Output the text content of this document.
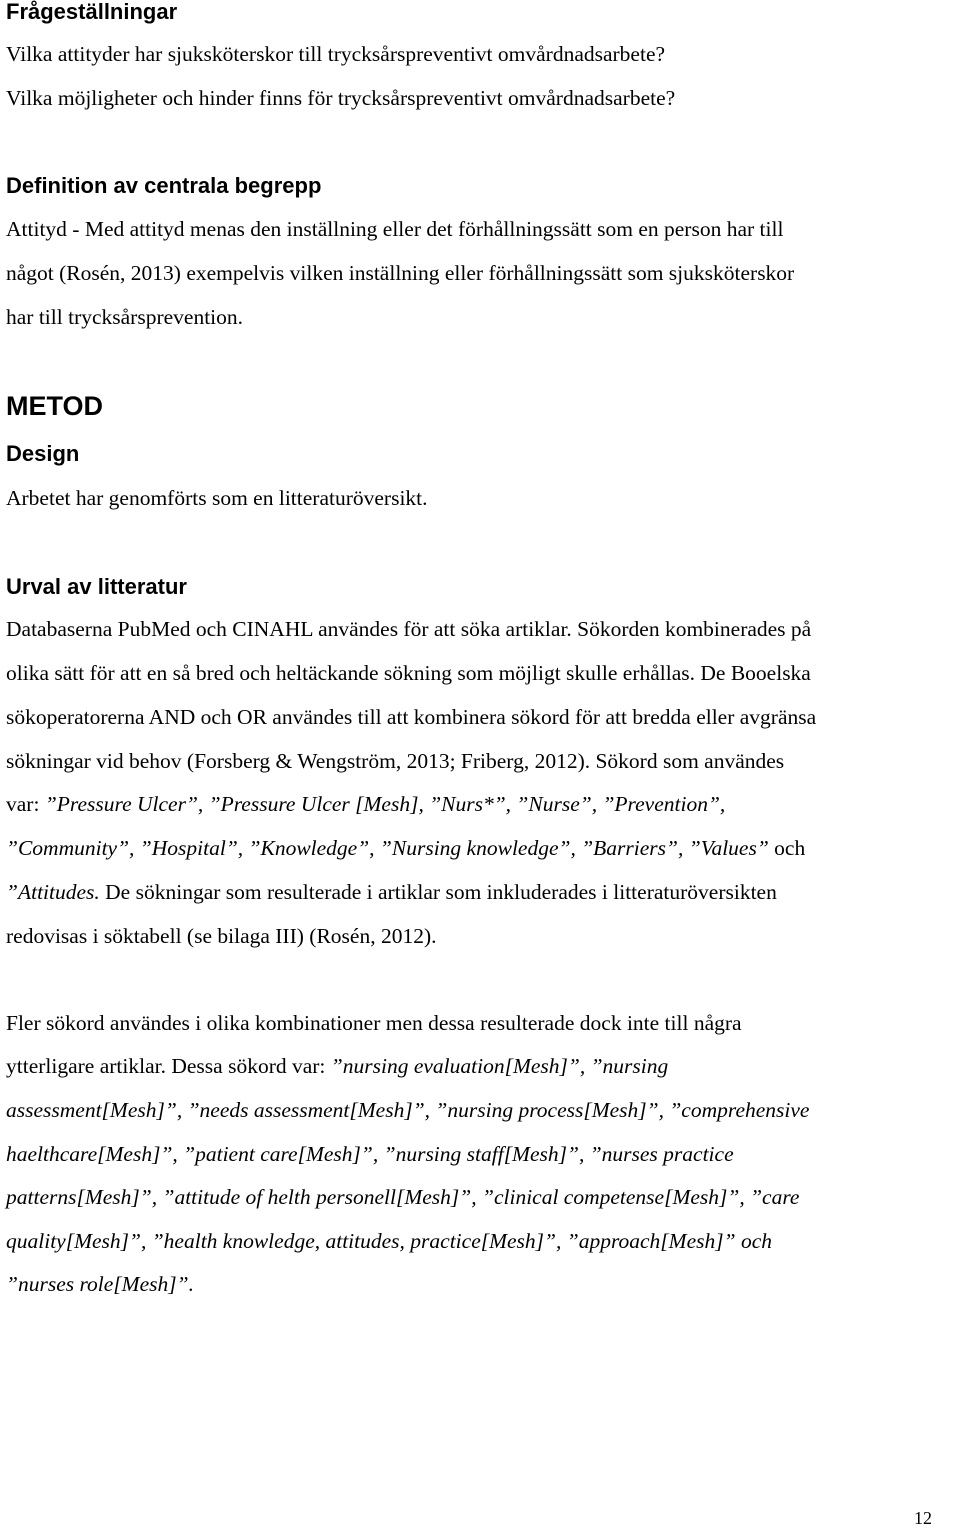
Frågeställningar
Vilka attityder har sjuksköterskor till trycksårspreventivt omvårdnadsarbete?
Vilka möjligheter och hinder finns för trycksårspreventivt omvårdnadsarbete?
Definition av centrala begrepp
Attityd - Med attityd menas den inställning eller det förhållningssätt som en person har till
något (Rosén, 2013) exempelvis vilken inställning eller förhållningssätt som sjuksköterskor
har till trycksårsprevention.
METOD
Design
Arbetet har genomförts som en litteraturöversikt.
Urval av litteratur
Databaserna PubMed och CINAHL användes för att söka artiklar. Sökorden kombinerades på
olika sätt för att en så bred och heltäckande sökning som möjligt skulle erhållas. De Booelska
sökoperatorerna AND och OR användes till att kombinera sökord för att bredda eller avgränsa
sökningar vid behov (Forsberg & Wengström, 2013; Friberg, 2012). Sökord som användes
var: ”Pressure Ulcer”, ”Pressure Ulcer [Mesh], ”Nurs*”, ”Nurse”, ”Prevention”,
”Community”, ”Hospital”, ”Knowledge”, ”Nursing knowledge”, ”Barriers”, ”Values” och
”Attitudes. De sökningar som resulterade i artiklar som inkluderades i litteraturöversikten
redovisas i söktabell (se bilaga III) (Rosén, 2012).
Fler sökord användes i olika kombinationer men dessa resulterade dock inte till några
ytterligare artiklar. Dessa sökord var: ”nursing evaluation[Mesh]”, ”nursing
assessment[Mesh]”, ”needs assessment[Mesh]”, ”nursing process[Mesh]”, ”comprehensive
haelthcare[Mesh]”, ”patient care[Mesh]”, ”nursing staff[Mesh]”, ”nurses practice
patterns[Mesh]”, ”attitude of helth personell[Mesh]”, ”clinical competense[Mesh]”, ”care
quality[Mesh]”, ”health knowledge, attitudes, practice[Mesh]”, ”approach[Mesh]” och
”nurses role[Mesh]”.
12
